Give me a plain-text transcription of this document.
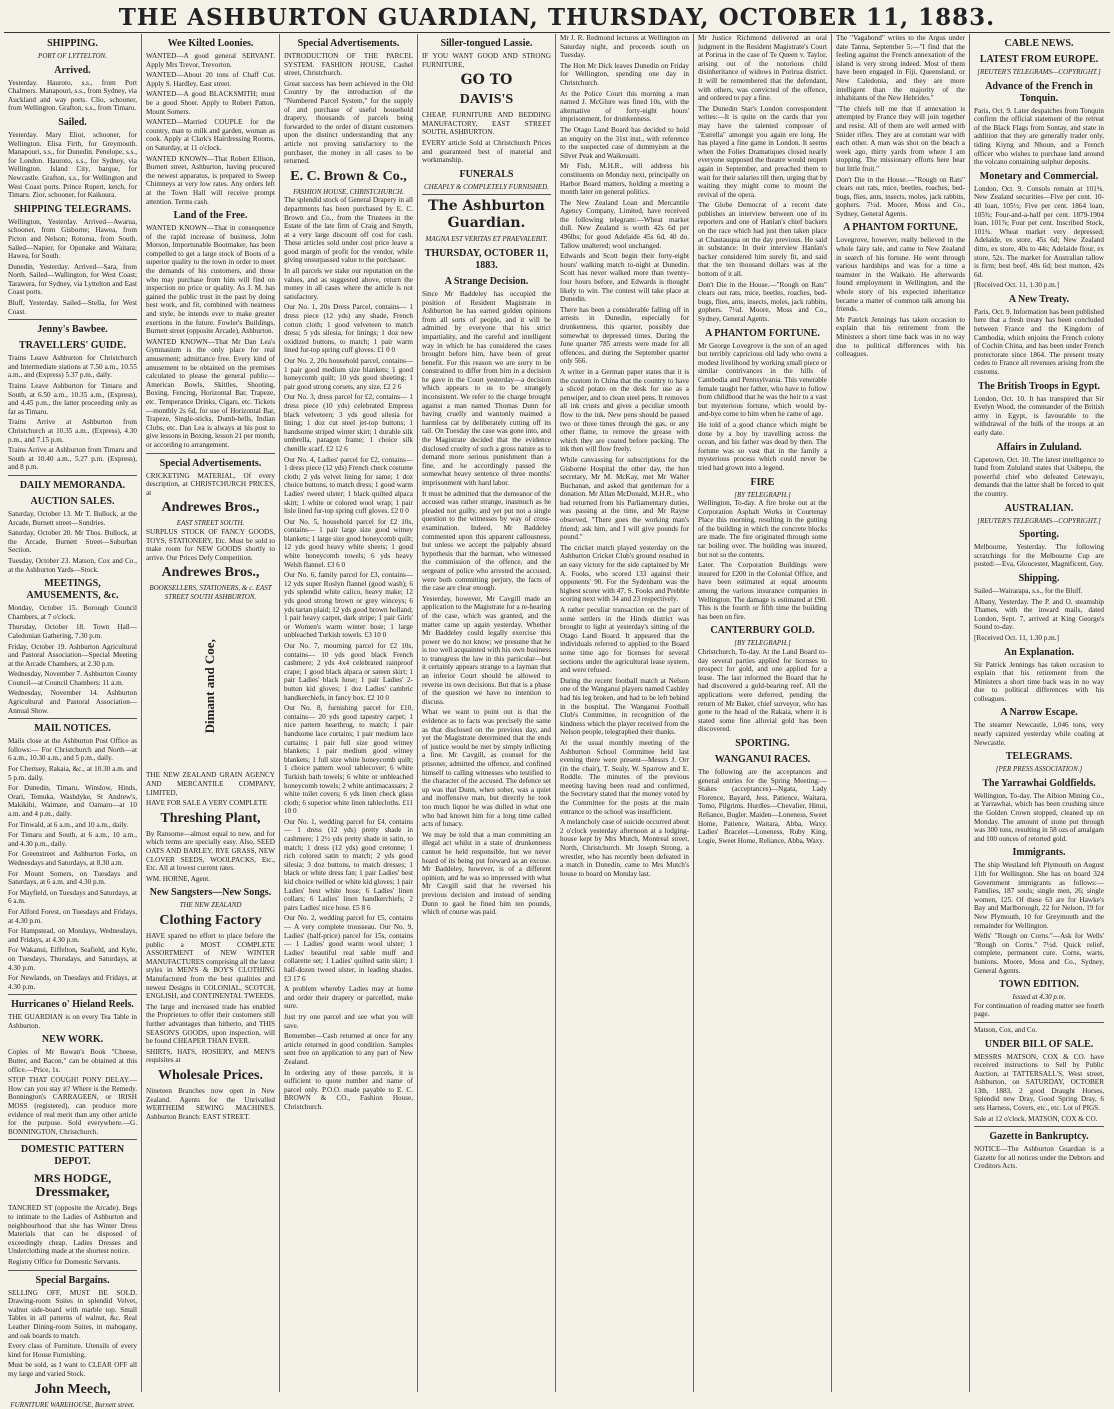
THE ASHBURTON GUARDIAN, THURSDAY, OCTOBER 11, 1883.
SHIPPING.
PORT OF LYTTELTON.
Arrived.

Yesterday. Hauroto, s.s., from Port Chalmers. Manapouri, s.s., from Sydney, via Auckland and way ports. Clio, schooner, from Wellington. Grafton, s.s., from Timaru.

Sailed.

Yesterday. Mary Eliot, schooner, for Wellington. Elisa Firth, for Greymouth. Manapouri, s.s., for Dunedin. Penelope, s.s., for London. Hauroto, s.s., for Sydney, via Wellington. Island City, barque, for Newcastle. Grafton, s.s., for Wellington and West Coast ports. Prince Rupert, ketch, for Timaru. Zior, schooner, for Kaikoura.

SHIPPING TELEGRAMS.

Wellington, Yesterday. Arrived—Awarua, schooner, from Gisborne; Hawea, from Picton and Nelson; Rotorua, from South. Sailed—Napier, for Opunake and Waitara; Hawea, for South.

Dunedin, Yesterday. Arrived—Sara, from North. Sailed—Wallington, for West Coast; Tarawera, for Sydney, via Lyttelton and East Coast ports.

Bluff, Yesterday. Sailed—Stella, for West Coast.

Jenny's Bawbee.
TRAVELLERS' GUIDE.

Trains Leave Ashburton for Christchurch and Intermediate stations at 7.50 a.m., 10.55 a.m., and (Express) 5.37 p.m., daily.

Trains Leave Ashburton for Timaru and South, at 6.50 a.m., 10.35 a.m., (Express), and 4.45 p.m., the latter proceeding only as far as Timaru.

Trains Arrive at Ashburton from Christchurch at 10.35 a.m., (Express), 4.30 p.m., and 7.15 p.m.

Trains Arrive at Ashburton from Timaru and South at 10.40 a.m., 5.27 p.m. (Express), and 8 p.m.

DAILY MEMORANDA.
AUCTION SALES.

Saturday, October 13. Mr T. Bullock, at the Arcade, Burnett street—Sundries.

Saturday, October 20. Mr Thos. Bullock, at the Arcade, Burnett Street—Suburban Section.

Tuesday, October 23. Matson, Cox and Co., at the Ashburton Yards—Stock.

MEETINGS, AMUSEMENTS, &c.

Monday, October 15. Borough Council Chambers, at 7 o'clock.

Thursday, October 18. Town Hall—Caledonian Gathering, 7.30 p.m.

Friday, October 19. Ashburton Agricultural and Pastoral Association—Special Meeting at the Arcade Chambers, at 2.30 p.m.

Wednesday, November 7. Ashburton County Council—at Council Chambers: 11 a.m.

Wednesday, November 14. Ashburton Agricultural and Pastoral Association—Annual Show.

MAIL NOTICES.

Mails close at the Ashburton Post Office as follows:— For Christchurch and North—at 6 a.m., 10.30 a.m., and 5 p.m., daily.

For Chertsey, Rakaia, &c., at 10.30 a.m. and 5 p.m. daily.

For Dunedin, Timaru, Winslow, Hinds, Orari, Temuka, Washdyke, St Andrew's, Makikihi, Waimate, and Oamaru—at 10 a.m. and 4 p.m., daily.

For Tinwald, at 6 a.m., and 10 a.m., daily.

For Timaru and South, at 6 a.m., 10 a.m., and 4.30 p.m., daily.

For Greenstreet and Ashburton Forks, on Wednesdays and Saturdays, at 8.30 a.m.

For Mount Somers, on Tuesdays and Saturdays, at 6 a.m. and 4.30 p.m.

For Mayfield, on Tuesdays and Saturdays, at 6 a.m.

For Alford Forest, on Tuesdays and Fridays, at 4.30 p.m.

For Hampstead, on Mondays, Wednesdays, and Fridays, at 4.30 p.m.

For Wakanui, Eiffelton, Seafield, and Kyle, on Tuesdays, Thursdays, and Saturdays, at 4.30 p.m.

For Newlands, on Tuesdays and Fridays, at 4.30 p.m.

Hurricanes o' Hieland Reels.

THE GUARDIAN is on every Tea Table in Ashburton.

NEW WORK.

Copies of Mr Rowan's Book "Cheese, Butter, and Bacon," can be obtained at this office.—Price, 1s.

STOP THAT COUGH! PONY DELAY.—How can you stay it? Where is the Remedy. Bonnington's CARRAGEEN, or IRISH MOSS (registered), can produce more evidence of real merit than any other article for the purpose. Sold everywhere.—G. BONNINGTON, Christchurch.

DOMESTIC PATTERN DEPOT.
MRS HODGE,
Dressmaker,

TANCRED ST (opposite the Arcade). Begs to intimate to the Ladies of Ashburton and neighbourhood that she has Winter Dress Materials that can be disposed of exceedingly cheap. Ladies Dresses and Underclothing made at the shortest notice.

Registry Office for Domestic Servants.

Special Bargains.

SELLING OFF, MUST BE SOLD. Drawing-room Suites in splendid Velvet, walnut side-board with marble top. Small Tables in all patterns of walnut, &c. Real Leather Dining-room Suites, in mahogany, and oak boards to match.

Every class of Furniture. Utensils of every kind for House Furnishing.

Must be sold, as I want to CLEAR OFF all my large and varied Stock.

John Meech,
FURNITURE WAREHOUSE, Burnett street.
Wee Kilted Loonies.

WANTED—A good general SERVANT. Apply Mrs Trevor, Trevorton.

WANTED—About 20 tons of Chaff Cut. Apply S. Hardley, East street.

WANTED—A good BLACKSMITH; must be a good Shoer. Apply to Robert Patton, Mount Somers.

WANTED—Married COUPLE for the country, man to milk and garden, woman as cook. Apply at Clark's Hairdressing Rooms, on Saturday, at 11 o'clock.

WANTED KNOWN—That Robert Ellison, Burnett street, Ashburton, having procured the newest apparatus, is prepared to Sweep Chimneys at very low rates. Any orders left at the Town Hall will receive prompt attention. Terms cash.

Land of the Free.

WANTED KNOWN—That in consequence of the rapid increase of business, John Morson, Importunable Bootmaker, has been compelled to get a large stock of Boots of a superior quality to the town in order to meet the demands of his customers, and those who may purchase from him will find on inspection no price or quality. As J. M. has gained the public trust in the past by doing best work, and fit, combined with neatness and style, he intends ever to make greater exertions in the future. Fowler's Buildings, Burnett street (opposite Arcade), Ashburton.

WANTED KNOWN—That Mr Dan Lea's Gymnasium is the only place for real amusement; admittance free. Every kind of amusement to be obtained on the premises calculated to please the general public—American Bowls, Skittles, Shooting, Boxing, Fencing, Horizontal Bar, Trapeze, etc. Temperance Drinks, Cigars, etc. Tickets—monthly 2s 6d, for use of Horizontal Bar, Trapeze, Single-sticks, Dumb-bells, Indian Clubs, etc. Dan Lea is always at his post to give lessons in Boxing, lesson 21 per month, or according to arrangement.

Special Advertisements.

CRICKETING MATERIAL, Of every description, at CHRISTCHURCH PRICES, at

Andrewes Bros.,
EAST STREET SOUTH.

SURPLUS STOCK OF FANCY GOODS, TOYS, STATIONERY, Etc. Must be sold to make room for NEW GOODS shortly to arrive. Our Prices Defy Competition.

Andrewes Bros.,
BOOKSELLERS, STATIONERS, & c. EAST STREET SOUTH ASHBURTON.
Dimant and Coe,

THE NEW ZEALAND GRAIN AGENCY AND MERCANTILE COMPANY, LIMITED,

HAVE FOR SALE A VERY COMPLETE

Threshing Plant,

By Ransome—almost equal to new, and for which terms are specially easy. Also, SEED OATS AND BARLEY, RYE GRASS, NEW CLOVER SEEDS, WOOLPACKS, Etc., Etc. All at lowest current rates.

WM. HORNE, Agent.

New Sangsters—New Songs.
THE NEW ZEALAND
Clothing Factory

HAVE spared no effort to place before the public a MOST COMPLETE ASSORTMENT of NEW WINTER MANUFACTURES comprising all the latest styles in MEN'S & BOY'S CLOTHING Manufactured from the best qualities and newest Designs in COLONIAL, SCOTCH, ENGLISH, and CONTINENTAL TWEEDS.

The large and increased trade has enabled the Proprietors to offer their customers still further advantages than hitherto, and THIS SEASON'S GOODS, upon inspection, will be found CHEAPER THAN EVER.

SHIRTS, HATS, HOSIERY, and MEN'S requisites at

Wholesale Prices.

Nineteen Branches now open in New Zealand. Agents for the Unrivalled WERTHEIM SEWING MACHINES. Ashburton Branch: EAST STREET.

Special Advertisements.

INTRODUCTION OF THE PARCEL SYSTEM. FASHION HOUSE, Cashel street, Christchurch.

Great success has been achieved in the Old Country by the introduction of the "Numbered Parcel System," for the supply of and purchase of useful household drapery, thousands of parcels being forwarded to the order of distant customers upon the distinct understanding that any article not proving satisfactory to the purchaser, the money in all cases to be returned.

E. C. Brown & Co.,
FASHION HOUSE, CHRISTCHURCH.

The splendid stock of General Drapery in all departments has been purchased by E. C. Brown and Co., from the Trustees in the Estate of the late firm of Craig and Smyth, at a very large discount off cost for cash. These articles sold under cost price leave a good margin of profit for the vendor, while giving unsurpassed value to the purchaser.

In all parcels we stake our reputation on the values, and as suggested above, return the money in all cases where the article is not satisfactory.

Our No. 1, 20s Dress Parcel, contains— 1 dress piece (12 yds) any shade, French cotton cloth; 1 good velveteen to match dress; 5 yds silesia, for linings; 1 doz new oxidized buttons, to match; 1 pair warm lined fur-top spring cuff gloves. £1 0 0

Our No. 2, 20s household parcel, contains— 1 pair good medium size blankets; 1 good honeycomb quilt; 10 yds good sheeting; 1 pair good strong corsets, any size. £2 2 6

Our No. 3, dress parcel for £2, contains— 1 dress piece (10 yds) celebrated Empress black velveteen; 3 yds good silesia for lining; 1 doz cut steel jet-top buttons; 1 handsome striped winter skirt; 1 durable silk umbrella, paragon frame; 1 choice silk chenille scarf. £2 12 6

Our No. 4, Ladies' parcel for £2, contains— 1 dress piece (12 yds) French check costume cloth; 2 yds velvet lining for same; 1 doz choice buttons, to match dress; 1 good warm Ladies' tweed ulster; 1 black quilted alpaca skirt; 1 white or colored wool wrap; 1 pair lisle lined fur-top spring cuff gloves. £2 0 0

Our No. 5, household parcel for £2 10s, contains— 1 pair large size good witney blankets; 1 large size good honeycomb quilt; 12 yds good heavy white sheets; 1 good white honeycomb towels; 6 yds heavy Welsh flannel. £3 6 0

Our No. 6, family parcel for £3, contains— 12 yds super Roslyn flannel (good wash); 6 yds splendid white calico, heavy make; 12 yds good strong brown or grey winceys; 6 yds tartan plaid; 12 yds good brown holland; 1 pair heavy carpet, dark stripe; 1 pair Girls' or Women's warm winter hose; 1 large unbleached Turkish towels. £3 10 0

Our No. 7, mourning parcel for £2 10s, contains— 10 yds good black French cashmere; 2 yds 4x4 celebrated rainproof crape; 1 good black alpaca or sateen skirt; 1 pair Ladies' black hose; 1 pair Ladies' 2-button kid gloves; 1 doz Ladies' cambric handkerchiefs, in fancy box. £2 10 0

Our No. 8, furnishing parcel for £10, contains— 20 yds good tapestry carpet; 1 nice pattern hearthrug, to match; 1 pair handsome lace curtains; 1 pair medium lace curtains; 1 pair full size good witney blankets; 1 pair medium good witney blankets; 1 full size white honeycomb quilt; 1 choice pattern wool tablecover; 6 white Turkish bath towels; 6 white or unbleached honeycomb towels; 2 white antimacassars; 2 white toilet covers; 6 yds linen check glass cloth; 6 superior white linen tablecloths. £11 10 0

Our No. 1, wedding parcel for £4, contains— 1 dress (12 yds) pretty shade in cashmere; 1 2½ yds pretty shade in satin, to match; 1 dress (12 yds) good cretonne; 1 rich colored satin to match; 2 yds good silesia; 3 doz buttons, to match dresses; 1 black or white dress fan; 1 pair Ladies' best kid choice twilled or white kid gloves; 1 pair Ladies' best white hose; 6 Ladies' linen collars; 6 Ladies' linen handkerchiefs; 2 pairs Ladies' nice hose. £5 8 6

Our No. 2, wedding parcel for £5, contains— A very complete trousseau. Our No. 9, Ladies' (half-price) parcel for 15s, contains— 1 Ladies' good warm wool ulster; 1 Ladies' beautiful real sable muff and collarette set; 1 Ladies' quilted satin skirt; 1 half-dozen tweed ulster, in leading shades. £3 17 6

A problem whereby Ladies may at home and order their drapery or parcelled, make sure.

Just try one parcel and see what you will save.

Remember—Cash returned at once for any article returned in good condition. Samples sent free on application to any part of New Zealand.

In ordering any of these parcels, it is sufficient to quote number and name of parcel only. P.O.O. made payable to E. C. BROWN & CO., Fashion House, Christchurch.

Siller-tongued Lassie.

IF YOU WANT GOOD AND STRONG FURNITURE,

GO TO
DAVIS'S

CHEAP, FURNITURE AND BEDDING MANUFACTORY, EAST STREET SOUTH, ASHBURTON.

EVERY article Sold at Christchurch Prices and guaranteed best of material and workmanship.

FUNERALS
CHEAPLY & COMPLETELY FURNISHED.
The Ashburton Guardian.
MAGNA EST VERITAS ET PRAEVALEBIT.
THURSDAY, OCTOBER 11, 1883.
A Strange Decision.

Since Mr Baddeley has occupied the position of Resident Magistrate in Ashburton he has earned golden opinions from all sorts of people, and it will be admitted by everyone that his strict impartiality, and the careful and intelligent way in which he has considered the cases brought before him, have been of great benefit. For this reason we are sorry to be constrained to differ from him in a decision he gave in the Court yesterday—a decision which appears to us to be strangely inconsistent. We refer to the charge brought against a man named Thomas Dunn for having cruelly and wantonly maimed a harmless cat by deliberately cutting off its tail. On Tuesday the case was gone into, and the Magistrate decided that the evidence disclosed cruelty of such a gross nature as to demand more serious punishment than a fine, and he accordingly passed the somewhat heavy sentence of three months' imprisonment with hard labor.

It must be admitted that the demeanor of the accused was rather strange, inasmuch as he pleaded not guilty, and yet put not a single question to the witnesses by way of cross-examination. Indeed, Mr Baddeley commented upon this apparent callousness, but unless we accept the palpably absurd hypothesis that the barman, who witnessed the commission of the offence, and the sergeant of police who arrested the accused, were both committing perjury, the facts of the case are clear enough.

Yesterday, however, Mr Cavgill made an application to the Magistrate for a re-hearing of the case, which was granted, and the matter came up again yesterday. Whether Mr Baddeley could legally exercise this power we do not know; we presume that he is too well acquainted with his own business to transgress the law in this particular—but it certainly appears strange to a layman that an inferior Court should be allowed to reverse its own decisions. But that is a phase of the question we have no intention to discuss.

What we want to point out is that the evidence as to facts was precisely the same as that disclosed on the previous day, and yet the Magistrate determined that the ends of justice would be met by simply inflicting a fine. Mr Cavgill, as counsel for the prisoner, admitted the offence, and confined himself to calling witnesses who testified to the character of the accused. The defence set up was that Dunn, when sober, was a quiet and inoffensive man, but directly he took too much liquor he was dulled in what one who had known him for a long time called acts of lunacy.

We may be told that a man committing an illegal act whilst in a state of drunkenness cannot be held responsible, but we never heard of its being put forward as an excuse. Mr Baddeley, however, is of a different opinion, and he was so impressed with what Mr Cavgill said that he reversed his previous decision and instead of sending Dunn to gaol he fined him ten pounds, which of course was paid.

Mr J. R. Redmond lectures at Wellington on Saturday night, and proceeds south on Tuesday.

The Hon Mr Dick leaves Dunedin on Friday for Wellington, spending one day in Christchurch.

At the Police Court this morning a man named J. McGlure was fined 10s, with the alternative of forty-eight hours' imprisonment, for drunkenness.

The Otago Land Board has decided to hold an enquiry on the 31st inst., with reference to the suspected case of dummyism at the Silver Peak and Waikouaiti.

Mr Fish, M.H.R., will address his constituents on Monday next, principally on Harbor Board matters, holding a meeting a month later on general politics.

The New Zealand Loan and Mercantile Agency Company, Limited, have received the following telegram:—Wheat market dull. New Zealand is worth 42s 6d per 496lbs; for good Adelaide 45s 6d, 40 do. Tallow unaltered; wool unchanged.

Edwards and Scott begin their forty-eight hours' walking match to-night at Dunedin. Scott has never walked more than twenty-four hours before, and Edwards is thought likely to win. The contest will take place at Dunedin.

There has been a considerable falling off in arrests in Dunedin, especially for drunkenness, this quarter, possibly due somewhat to depressed times. During the June quarter 785 arrests were made for all offences, and during the September quarter only 566.

A writer in a German paper states that it is the custom in China that the country to have a sliced potato on the desk for use as a penwiper, and to clean steel pens. It removes all ink crusts and gives a peculiar smooth flow to the ink. New pens should be passed two or three times through the gas, or any other flame, to remove the grease with which they are coated before packing. The ink then will flow freely.

While canvassing for subscriptions for the Gisborne Hospital the other day, the hon secretary, Mr M. McKay, met Mr Walter Buchanan, and asked that gentleman for a donation. Mr Allan McDonald, M.H.R., who had returned from his Parliamentary duties, was passing at the time, and Mr Rayne observed, "There goes the working man's friend; ask him, and I will give pounds for pound."

The cricket match played yesterday on the Ashburton Cricket Club's ground resulted in an easy victory for the side captained by Mr A. Fooks, who scored 133 against their opponents' 90. For the Sydenham was the highest scorer with 47, S. Fooks and Prebble scoring next with 34 and 23 respectively.

A rather peculiar transaction on the part of some settlers in the Hinds district was brought to light at yesterday's sitting of the Otago Land Board. It appeared that the individuals referred to applied to the Board some time ago for licenses for several sections under the agricultural lease system, and were refused.

During the recent football match at Nelson one of the Wanganui players named Cashley had his leg broken, and had to be left behind in the hospital. The Wanganui Football Club's Committee, in recognition of the kindness which the player received from the Nelson people, telegraphed their thanks.

At the usual monthly meeting of the Ashburton School Committee held last evening there were present—Messrs J. Orr (in the chair), T. Sealy, W. Sparrow and E. Roddle. The minutes of the previous meeting having been read and confirmed, the Secretary stated that the money voted by the Committee for the posts at the main entrance to the school was insufficient.

A melancholy case of suicide occurred about 2 o'clock yesterday afternoon at a lodging-house kept by Mrs Mutch, Montreal street, North, Christchurch. Mr Joseph Strong, a wrestler, who has recently been defeated in a match in Dunedin, came to Mrs Mutch's house to board on Monday last.

Mr Justice Richmond delivered an oral judgment in the Resident Magistrate's Court at Porirua in the case of Te Queen v. Taylor, arising out of the notorious child disinheritance of widows in Porirua district. It will be remembered that the defendant, with others, was convicted of the offence, and ordered to pay a fine.

The Dunedin Star's London correspondent writes:—It is quite on the cards that you may have the talented composer of "Estrella" amongst you again ere long. He has played a fine game in London. It seems when the Folies Dramatiques closed nearly everyone supposed the theatre would reopen again in September, and preached them to wait for their salaries till then, urging that by waiting they might come to mount the revival of the opera.

The Globe Democrat of a recent date publishes an interview between one of its reporters and one of Hanlan's chief backers on the race which had just then taken place at Chautauqua on the day previous. He said in substance: In their interview Hanlan's backer considered him surely fit, and said that the ten thousand dollars was at the bottom of it all.

Don't Die in the House.—"Rough on Rats" clears out rats, mice, beetles, roaches, bed-bugs, flies, ants, insects, moles, jack rabbits, gophers. 7½d. Moore, Moss and Co., Sydney, General Agents.

A PHANTOM FORTUNE.

Mr George Lovegrove is the son of an aged but terribly capricious old lady who owns a modest livelihood by working small piece or similar contrivances in the hills of Cambodia and Pennsylvania. This venerable female taught her father, who have to follow from childhood that he was the heir to a vast but mysterious fortune, which would by-and-bye come to him when he came of age.

He told of a good chance which might be done by a boy by travelling across the ocean, and his father was dead by then. The fortune was so vast that in the family a mysterious process which could never be tried had grown into a legend.

FIRE
[BY TELEGRAPH.]

Wellington, To-day. A fire broke out at the Corporation Asphalt Works in Courtenay Place this morning, resulting in the gutting of the building in which the concrete blocks are made. The fire originated through some tar boiling over. The building was insured, but not so the contents.

Later. The Corporation Buildings were insured for £200 in the Colonial Office, and have been estimated at equal amounts among the various insurance companies in Wellington. The damage is estimated at £90. This is the fourth or fifth time the building has been on fire.

CANTERBURY GOLD.
[BY TELEGRAPH.]

Christchurch, To-day. At the Land Board to-day several parties applied for licenses to prospect for gold, and one applied for a lease. The last informed the Board that he had discovered a gold-bearing reef. All the applications were deferred, pending the return of Mr Baker, chief surveyor, who has gone to the head of the Rakaia, where it is stated some fine alluvial gold has been discovered.

SPORTING.
WANGANUI RACES.

The following are the acceptances and general entries for the Spring Meeting:— Stakes (acceptances)—Ngata, Lady Florence, Bayard, Jess, Patience, Waitara, Tomo, Pilgrims. Hurdles—Chevalier, Hinui, Reliance, Bugler. Maiden—Loneness, Sweet Home, Patience, Waitara, Abba, Waxy. Ladies' Bracelet—Loneness, Ruby King, Logie, Sweet Home, Reliance, Abba, Waxy.

The "Vagabond" writes to the Argus under date Tanna, September 5:—"I find that the feeling against the French annexation of the island is very strong indeed. Most of them have been engaged in Fiji, Queensland, or New Caledonia, and they are more intelligent than the majority of the inhabitants of the New Hebrides."

"The chiefs tell me that if annexation is attempted by France they will join together and resist. All of them are well armed with Snider rifles. They are at constant war with each other. A man was shot on the beach a week ago, thirty yards from where I am stopping. The missionary efforts here bear but little fruit."

Don't Die in the House.—"Rough on Rats" clears out rats, mice, beetles, roaches, bed-bugs, flies, ants, insects, moles, jack rabbits, gophers. 7½d. Moore, Moss and Co., Sydney, General Agents.

A PHANTOM FORTUNE.

Lovegrove, however, really believed in the whole fairy tale, and came to New Zealand in search of his fortune. He went through various hardships and was for a time a teamster in the Waikato. He afterwards found employment in Wellington, and the whole story of his expected inheritance became a matter of common talk among his friends.

Mr Patrick Jennings has taken occasion to explain that his retirement from the Ministers a short time back was in no way due to political differences with his colleagues.

CABLE NEWS.
LATEST FROM EUROPE.
[REUTER'S TELEGRAMS—COPYRIGHT.]
Advance of the French in Tonquin.

Paris, Oct. 9. Later despatches from Tonquin confirm the official statement of the retreat of the Black Flags from Sontay, and state in addition that they are generally trader only, tiding Kiyng and Nhoun, and a French officer who wishes to purchase land around the volcano containing sulphur deposits.

Monetary and Commercial.

London, Oct. 9. Consols remain at 101⅜. New Zealand securities—Five per cent. 10-40 loan, 105½; Five per cent. 1864 loan, 105¾; Four-and-a-half per cent. 1879-1904 loan, 101⅞; Four per cent. Inscribed Stock, 101¾. Wheat market very depressed; Adelaide, ex store, 45s 6d; New Zealand ditto, ex store, 40s to 44s; Adelaide flour, ex store, 52s. The market for Australian tallow is firm; best beef, 40s 6d; best mutton, 42s 6d.

[Received Oct. 11, 1.30 p.m.]

A New Treaty.

Paris, Oct. 9. Information has been published here that a fresh treaty has been concluded between France and the Kingdom of Cambodia, which enjoins the French colony of Cochin China, and has been under French protectorate since 1864. The present treaty cedes to France all revenues arising from the customs.

The British Troops in Egypt.

London, Oct. 10. It has transpired that Sir Evelyn Wood, the commander of the British army in Egypt, is favourable to the withdrawal of the bulk of the troops at an early date.

Affairs in Zululand.

Capetown, Oct. 10. The latest intelligence to hand from Zululand states that Usibepu, the powerful chief who defeated Cetewayo, demands that the latter shall be forced to quit the country.

AUSTRALIAN.
[REUTER'S TELEGRAMS—COPYRIGHT.]
Sporting.

Melbourne, Yesterday. The following scratchings for the Melbourne Cup are posted:—Eva, Gloucester, Magnificent, Guy.

Shipping.

Sailed—Wairarapa, s.s., for the Bluff.

Albany, Yesterday. The P. and O. steamship Thames, with the inward mails, dated London, Sept. 7, arrived at King George's Sound to-day.

[Received Oct. 11, 1.30 p.m.]

An Explanation.

Sir Patrick Jennings has taken occasion to explain that his retirement from the Ministers a short time back was in no way due to political differences with his colleagues.

A Narrow Escape.

The steamer Newcastle, 1,046 tons, very nearly capsized yesterday while coaling at Newcastle.

TELEGRAMS.
[PER PRESS ASSOCIATION.]
The Yarrawhai Goldfields.

Wellington, To-day. The Albion Mining Co., at Yarrawhai, which has been crushing since the Golden Crown stopped, cleaned up on Monday. The amount of stone put through was 300 tons, resulting in 58 ozs of amalgam and 100 ounces of retorted gold.

Immigrants.

The ship Westland left Plymouth on August 11th for Wellington. She has on board 324 Government immigrants as follows:—Families, 187 souls; single men, 26; single women, 125. Of these 63 are for Hawke's Bay and Marlborough, 22 for Nelson, 19 for New Plymouth, 10 for Greymouth and the remainder for Wellington.

Wells' "Rough on Corns."—Ask for Wells' "Rough on Corns." 7½d. Quick relief, complete, permanent cure. Corns, warts, bunions. Moore, Moss and Co., Sydney, General Agents.

TOWN EDITION.
Issued at 4.30 p.m.

For continuation of reading matter see fourth page.

Matson, Cox, and Co.

UNDER BILL OF SALE.

MESSRS MATSON, COX & CO. have received instructions to Sell by Public Auction, at TATTERSALL'S, West street, Ashburton, on SATURDAY, OCTOBER 13th, 1883, 2 good Draught Horses, Splendid new Dray, Good Spring Dray, 6 sets Harness, Covers, etc., etc. Lot of PIGS.

Sale at 12 o'clock. MATSON, COX & CO.

Gazette in Bankruptcy.

NOTICE—The Ashburton Guardian is a Gazette for all notices under the Debtors and Creditors Acts.
